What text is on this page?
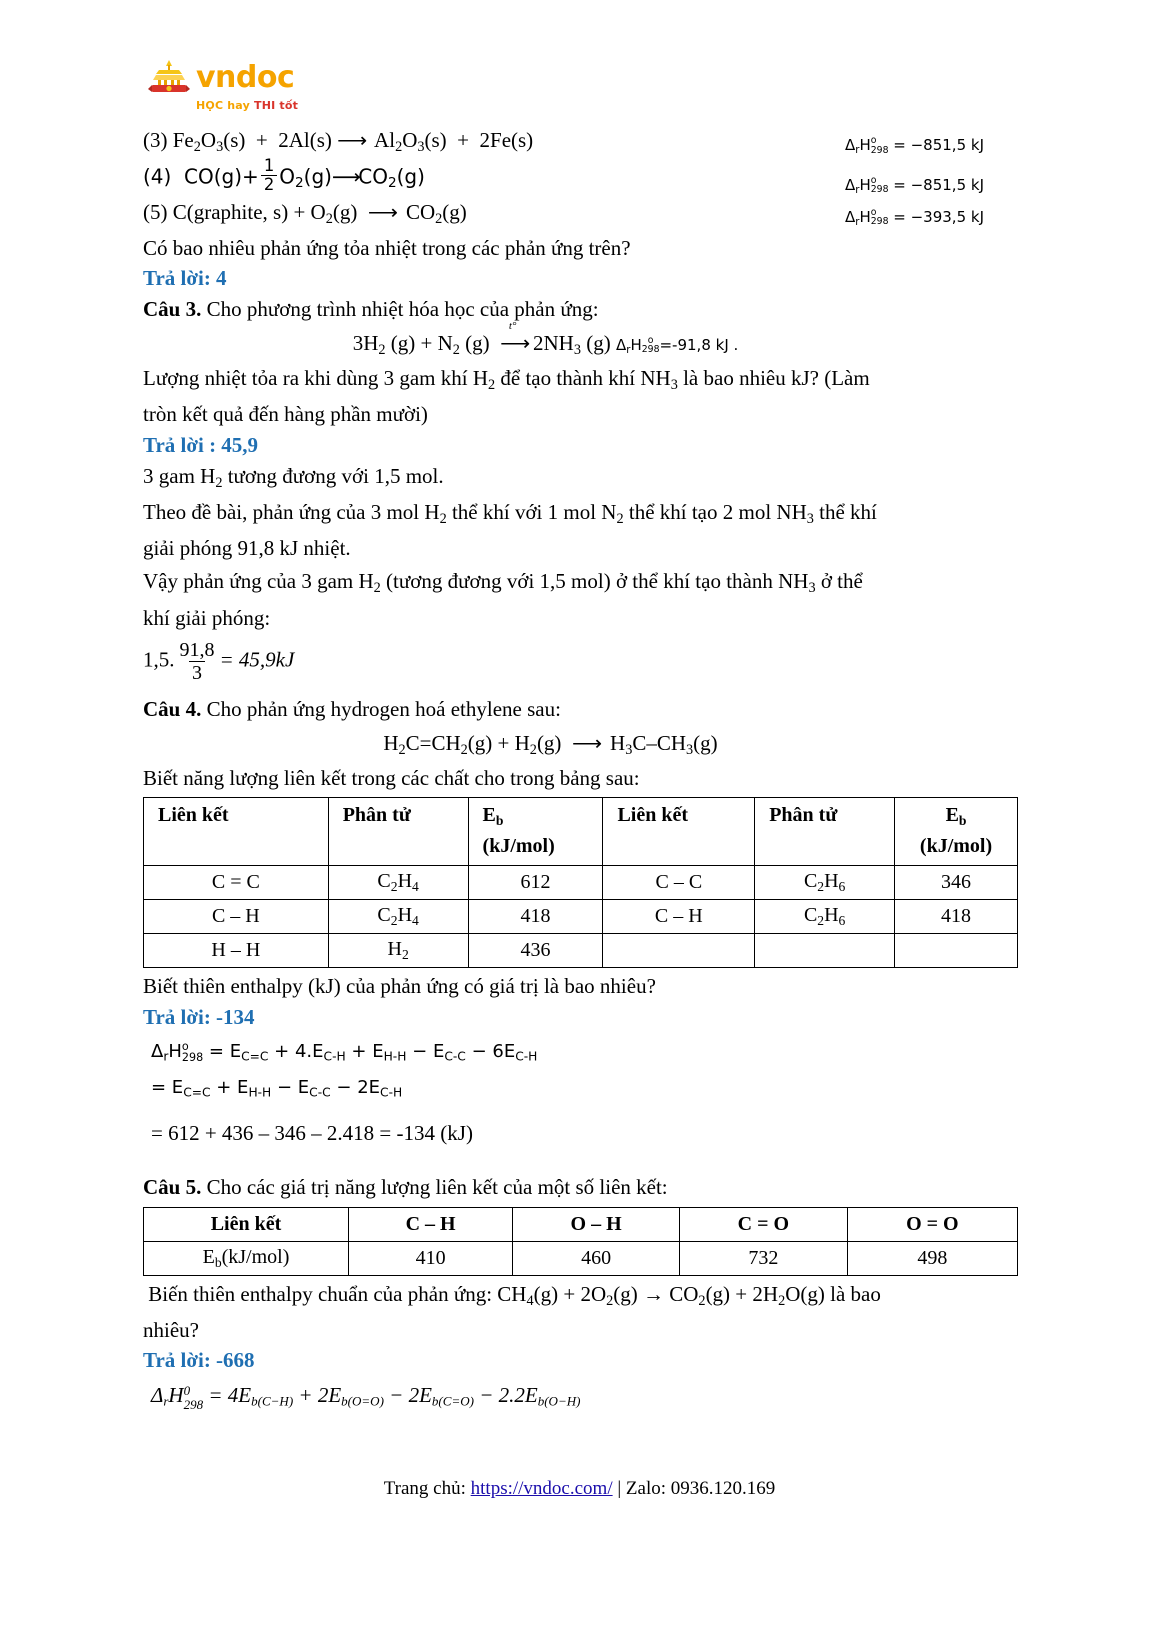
vndoc
HỌC hay THI tốt
(3) $Fe_2O_3(s) + 2Al(s)$ ⟶  $Al_2O_3(s) + 2Fe(s)$	$\Delta_rH$ o
298 = −851,5 kJ
(4)  $CO(g)+ \frac{1}{2}$ $O_2(g)⟶CO_2(g)$	$\Delta_rH$ o
298 = −851,5 kJ
(5) C(graphite, $s) + O_2(g)$  ⟶  $CO_2(g)$	$\Delta_rH$ o
298 = −393,5 kJ
Có bao nhiêu phản ứng tỏa nhiệt trong các phản ứng trên?
Trả lời: 4
Câu 3. Cho phương trình nhiệt hóa học của phản ứng:
$3H_2$ $(g) + N_2$ (g)
t°
⟶ $2NH_3$ (g) $\Delta_rH$ o
298 =-91,8 kJ .
Lượng nhiệt tỏa ra khi dùng 3 gam khí $H_2$ để tạo thành khí $NH_3$ là bao nhiêu kJ? (Làm
tròn kết quả đến hàng phần mười)
Trả lời : 45,9
3 gam $H_2$ tương đương với 1,5 mol.
Theo đề bài, phản ứng của 3 mol $H_2$ thể khí với 1 mol $N_2$ thể khí tạo 2 mol $NH_3$ thể khí
giải phóng 91,8 kJ nhiệt.
Vậy phản ứng của 3 gam $H_2$ (tương đương với 1,5 mol) ở thể khí tạo thành $NH_3$ ở thể
khí giải phóng:
1,5. $\frac{91,8}{3} = 45,9kJ$
Câu 4. Cho phản ứng hydrogen hoá ethylene sau:
$H_2C=CH_2(g) + H_2(g)$  ⟶  $H_3C-CH_3(g)$
Biết năng lượng liên kết trong các chất cho trong bảng sau:
Liên kết	Phân tử	$E_b$
(kJ/mol)	Liên kết	Phân tử	$E_b$
(kJ/mol)

C = C	$C_2H_4$	612	C – C	$C_2H_6$	346
C – H	$C_2H_4$	418	C – H	$C_2H_6$	418
H – H	$H_2$	436			
Biết thiên enthalpy (kJ) của phản ứng có giá trị là bao nhiêu?
Trả lời: -134
$\Delta_rH$ o
$298 = E_{C=C} + 4.E_{C-H} + E_{H-H} - E_{C-C} - 6E_{C-H}$
= $E_{C=C} + E_{H-H} - E_{C-C} - 2E_{C-H}$
= 612 + 436 – 346 – 2.418 = -134 (kJ)
Câu 5. Cho các giá trị năng lượng liên kết của một số liên kết:
Liên kết	C – H	O – H	C = O	O = O
$E_b(kJ/mol)$	410	460	732	498
Biến thiên enthalpy chuẩn của phản ứng: $CH_4(g) + 2O_2(g) \to CO_2(g) + 2H_2O(g)$ là bao
nhiêu?
Trả lời: -668
$\Delta_rH$ 0
$298 = 4E_{b(C-H)} + 2E_{b(O=O)} - 2E_{b(C=O)} - 2.2E_{b(O-H)}$
Trang chủ: https://vndoc.com/ | Zalo: 0936.120.169
